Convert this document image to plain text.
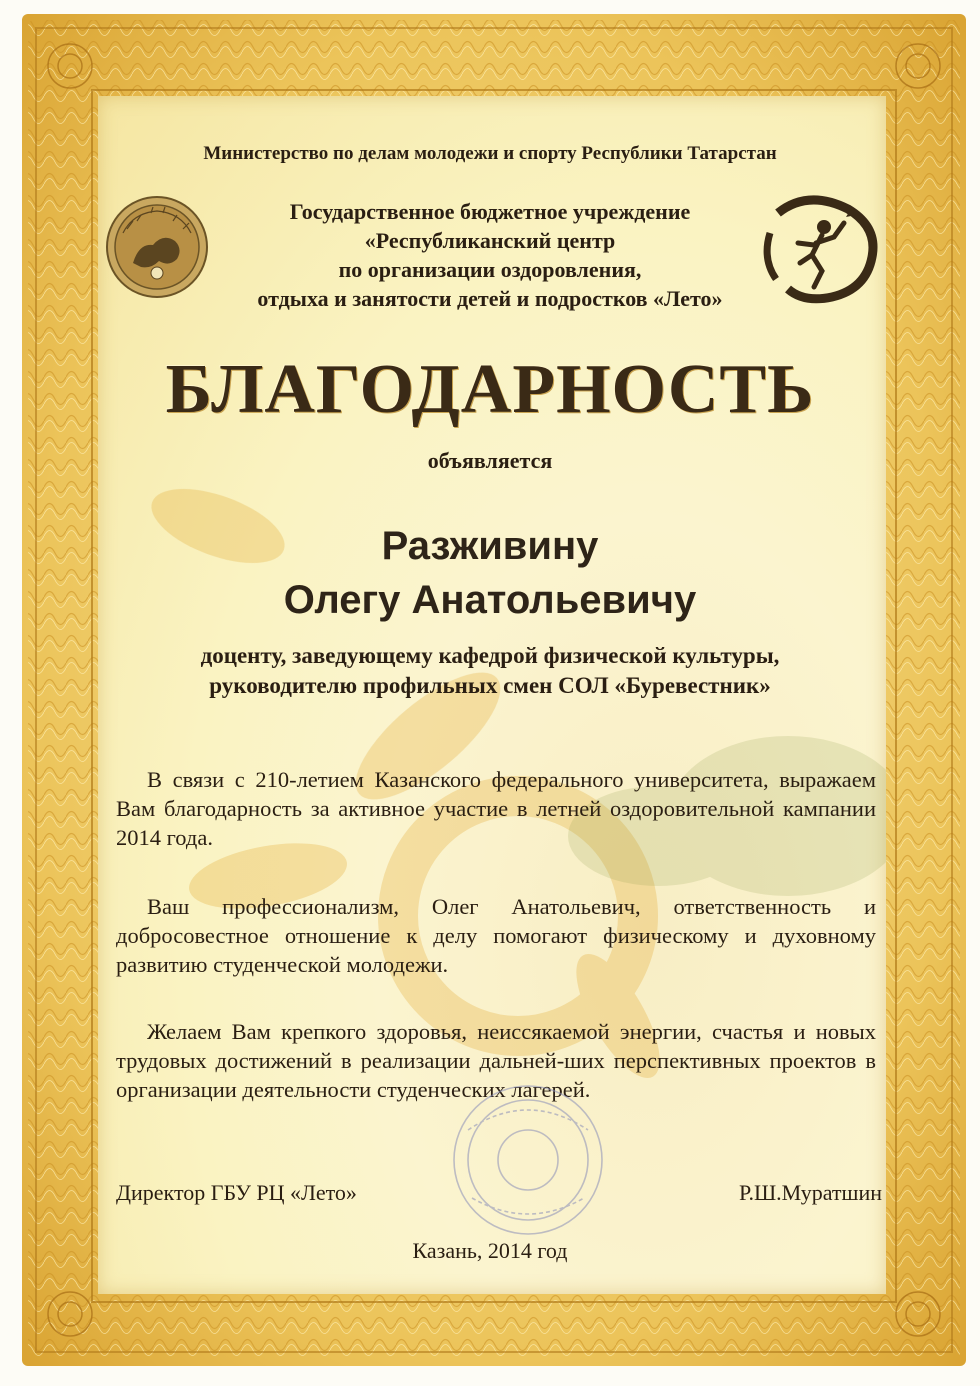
Министерство по делам молодежи и спорту Республики Татарстан
Государственное бюджетное учреждение
«Республиканский центр
по организации оздоровления,
отдыха и занятости детей и подростков «Лето»
БЛАГОДАРНОСТЬ
объявляется
Разживину
Олегу Анатольевичу
доценту, заведующему кафедрой физической культуры,
руководителю профильных смен СОЛ «Буревестник»
В связи с 210-летием Казанского федерального университета, выражаем Вам благодарность за активное участие в летней оздоровительной кампании 2014 года.
Ваш профессионализм, Олег Анатольевич, ответственность и добросовестное отношение к делу помогают физическому и духовному развитию студенческой молодежи.
Желаем Вам крепкого здоровья, неиссякаемой энергии, счастья и новых трудовых достижений в реализации дальней-ших перспективных проектов в организации деятельности студенческих лагерей.
Директор ГБУ РЦ «Лето»	Р.Ш.Муратшин
Казань, 2014 год
